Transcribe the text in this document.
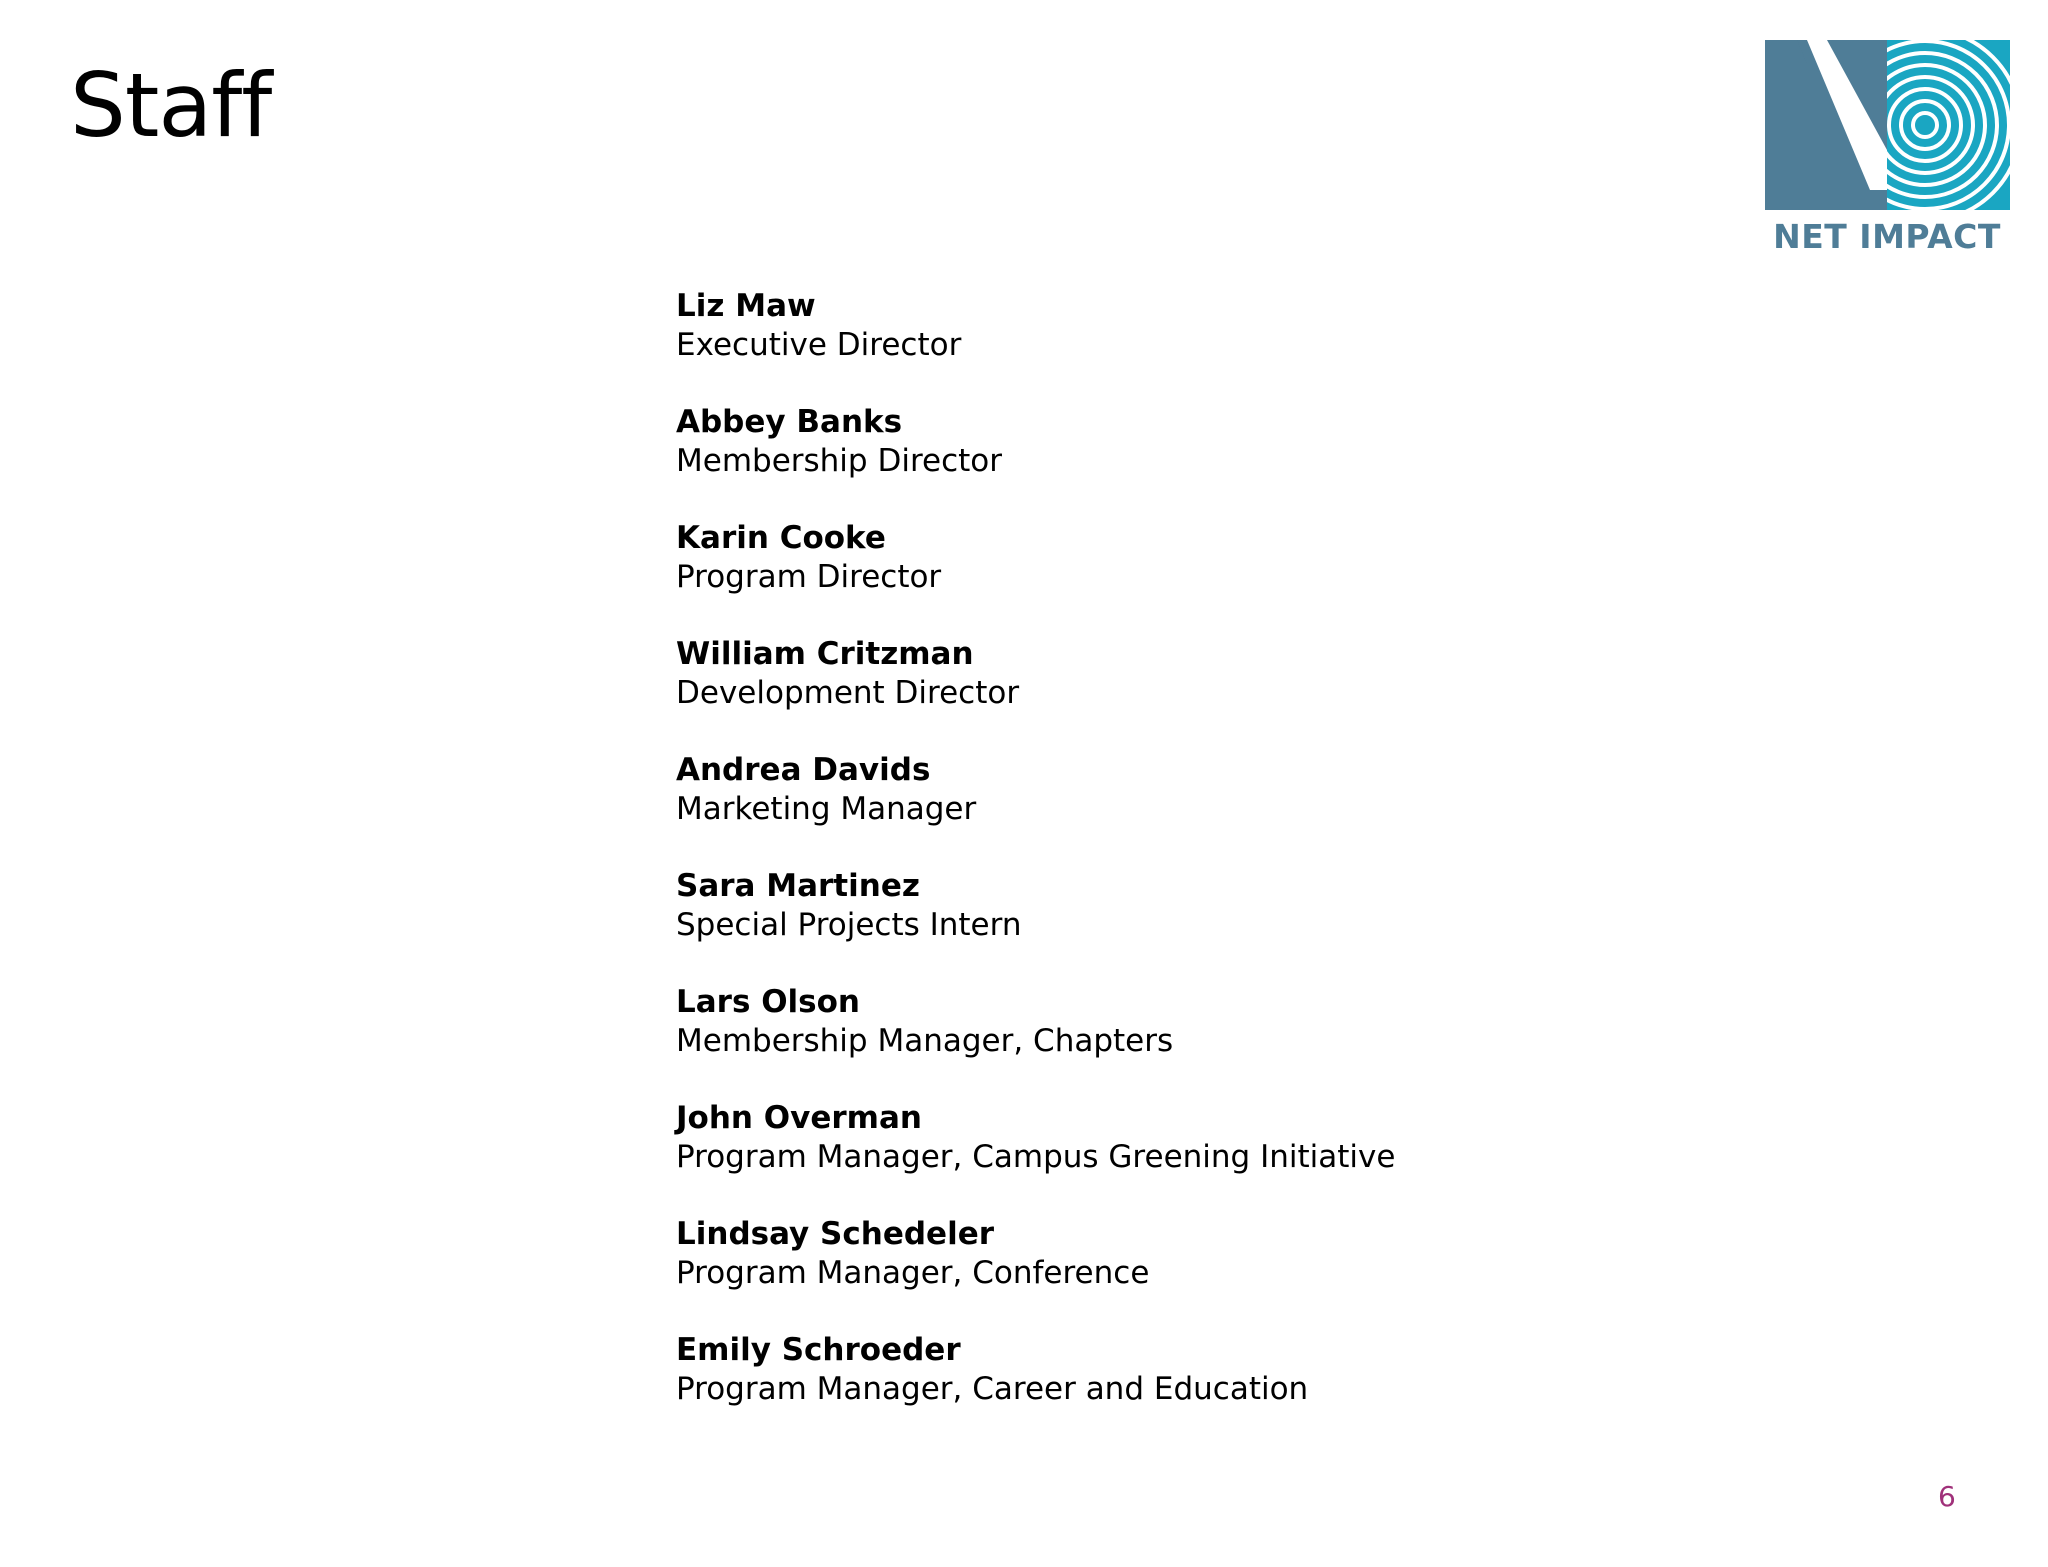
Staff
NET IMPACT
Liz Maw
Executive Director
Abbey Banks
Membership Director
Karin Cooke
Program Director
William Critzman
Development Director
Andrea Davids
Marketing Manager
Sara Martinez
Special Projects Intern
Lars Olson
Membership Manager, Chapters
John Overman
Program Manager, Campus Greening Initiative
Lindsay Schedeler
Program Manager, Conference
Emily Schroeder
Program Manager, Career and Education
6
